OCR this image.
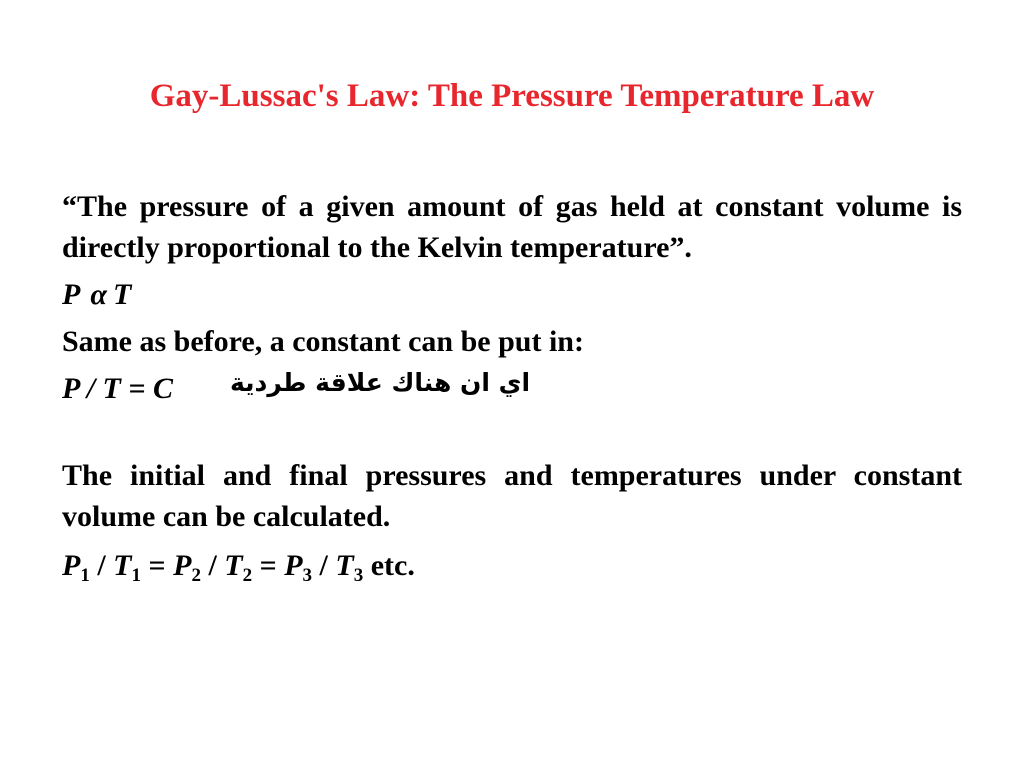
Gay-Lussac's Law: The Pressure Temperature Law
“The pressure of a given amount of gas held at constant volume is directly proportional to the Kelvin temperature”.
P α T
Same as before, a constant can be put in:
P / T = C اي ان هناك علاقة طردية
The initial and final pressures and temperatures under constant volume can be calculated.
$P_1 / T_1 = P_2 / T_2 = P_3 / T_3$ etc.
